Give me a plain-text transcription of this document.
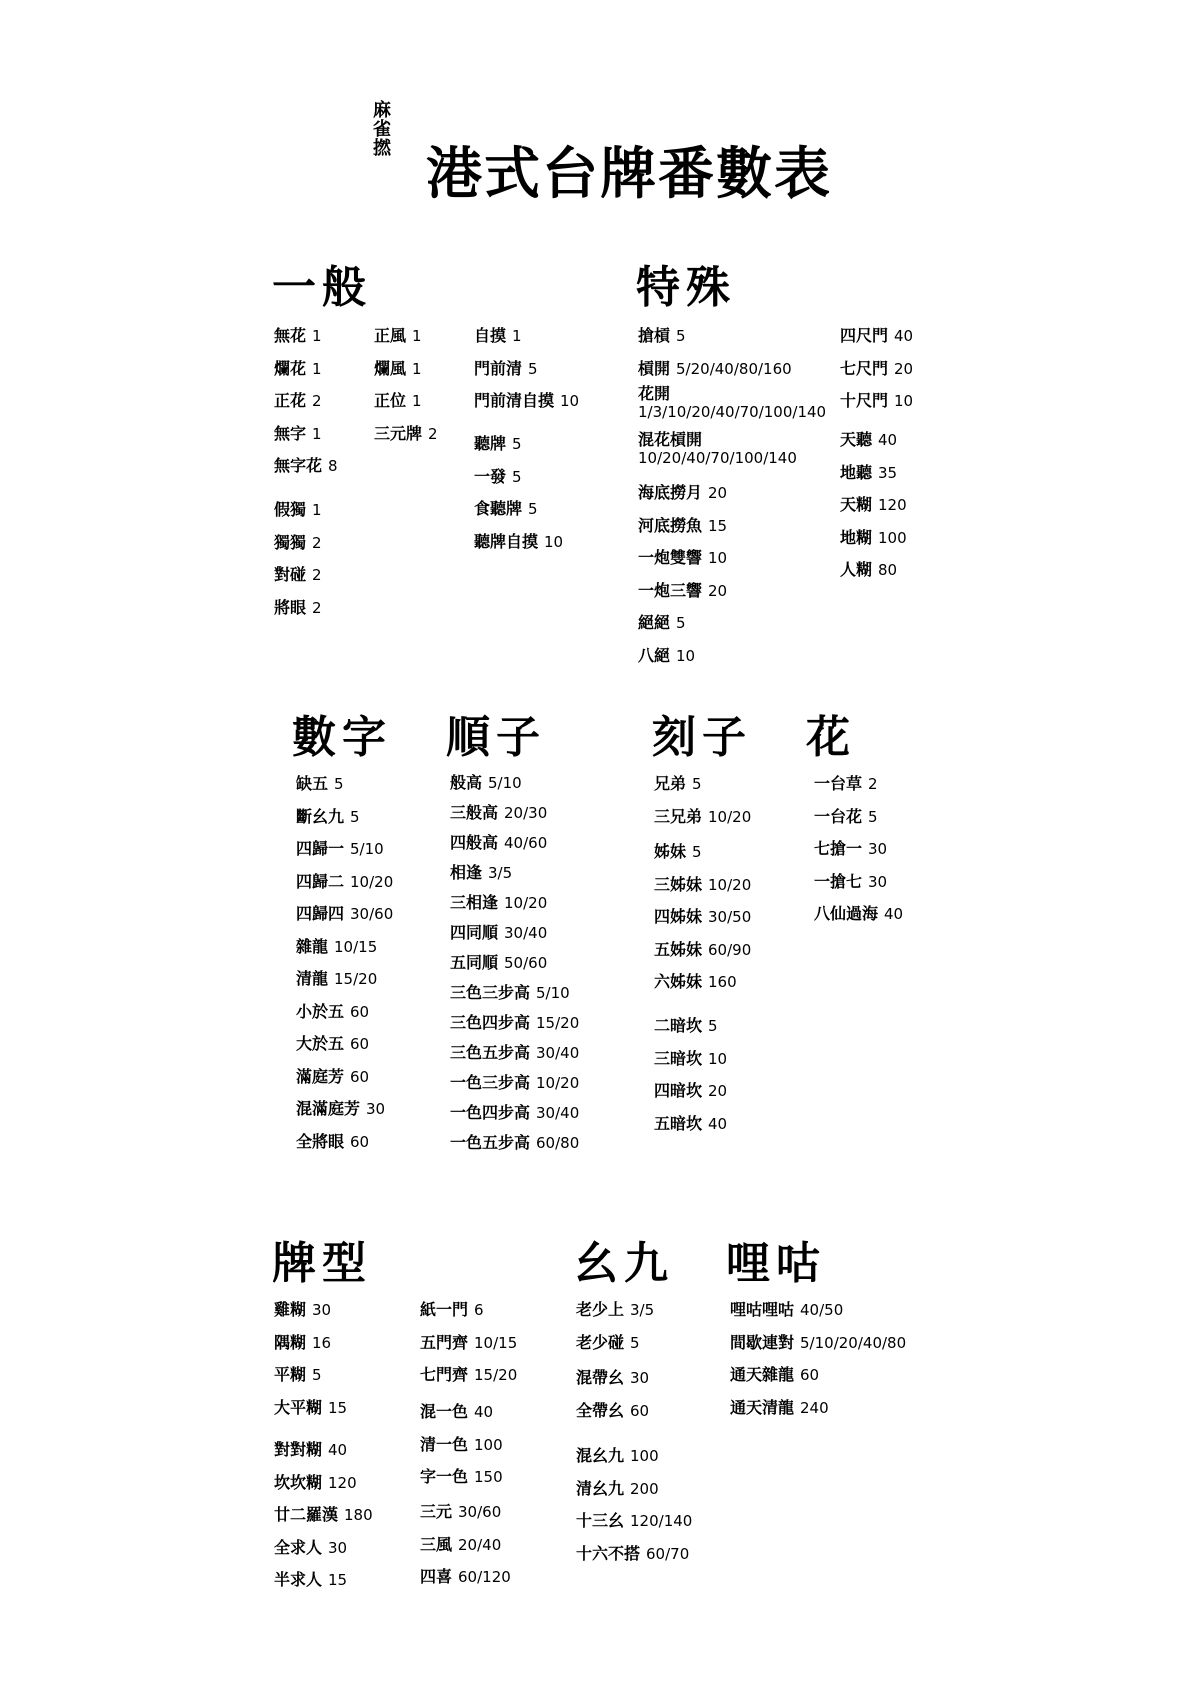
麻雀撚
港式台牌番數表
一般	特殊
數字 順子 刻子 花
牌型	幺九 哩咕
無花 1
爛花 1
正花 2
無字 1
無字花 8
假獨 1
獨獨 2
對碰 2
將眼 2
正風 1
爛風 1
正位 1
三元牌 2
自摸 1
門前清 5
門前清自摸 10
聽牌 5
一發 5
食聽牌 5
聽牌自摸 10
搶槓 5
槓開 5/20/40/80/160
花開
1/3/10/20/40/70/100/140
混花槓開
10/20/40/70/100/140
海底撈月 20
河底撈魚 15
一炮雙響 10
一炮三響 20
絕絕 5
八絕 10
四尺門 40
七尺門 20
十尺門 10
天聽 40
地聽 35
天糊 120
地糊 100
人糊 80
缺五 5
斷幺九 5
四歸一 5/10
四歸二 10/20
四歸四 30/60
雜龍 10/15
清龍 15/20
小於五 60
大於五 60
滿庭芳 60
混滿庭芳 30
全將眼 60
般高 5/10
三般高 20/30
四般高 40/60
相逢 3/5
三相逢 10/20
四同順 30/40
五同順 50/60
三色三步高 5/10
三色四步高 15/20
三色五步高 30/40
一色三步高 10/20
一色四步高 30/40
一色五步高 60/80
兄弟 5
三兄弟 10/20
姊妹 5
三姊妹 10/20
四姊妹 30/50
五姊妹 60/90
六姊妹 160
二暗坎 5
三暗坎 10
四暗坎 20
五暗坎 40
一台草 2
一台花 5
七搶一 30
一搶七 30
八仙過海 40
雞糊 30
隅糊 16
平糊 5
大平糊 15
對對糊 40
坎坎糊 120
廿二羅漢 180
全求人 30
半求人 15
紙一門 6
五門齊 10/15
七門齊 15/20
混一色 40
清一色 100
字一色 150
三元 30/60
三風 20/40
四喜 60/120
老少上 3/5
老少碰 5
混帶幺 30
全帶幺 60
混幺九 100
清幺九 200
十三幺 120/140
十六不搭 60/70
哩咕哩咕 40/50
間歇連對 5/10/20/40/80
通天雜龍 60
通天清龍 240
